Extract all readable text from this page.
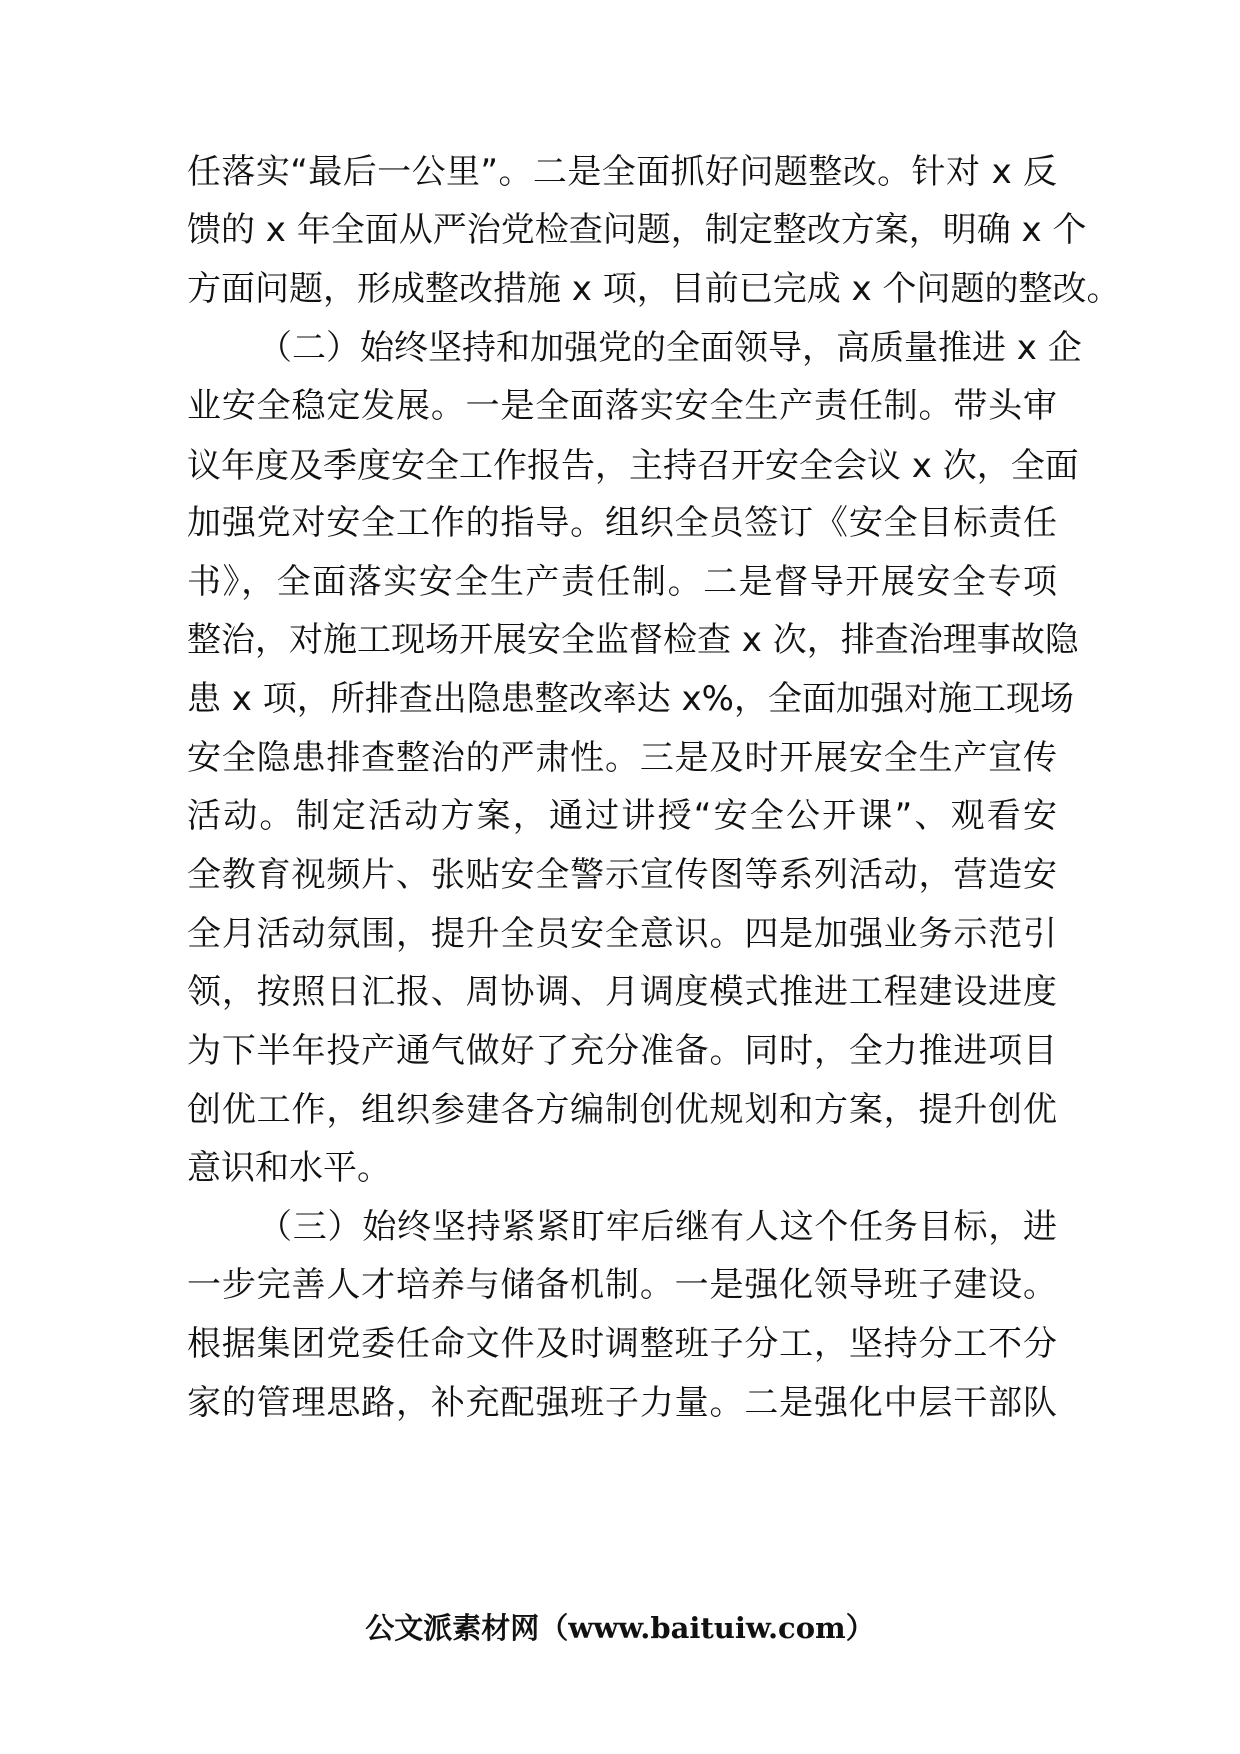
任落实“最后一公里”。二是全面抓好问题整改。针对 x 反
馈的 x 年全面从严治党检查问题，制定整改方案，明确 x 个
方面问题，形成整改措施 x 项，目前已完成 x 个问题的整改。
（二）始终坚持和加强党的全面领导，高质量推进 x 企
业安全稳定发展。一是全面落实安全生产责任制。带头审
议年度及季度安全工作报告，主持召开安全会议 x 次，全面
加强党对安全工作的指导。组织全员签订《安全目标责任
书》，全面落实安全生产责任制。二是督导开展安全专项
整治，对施工现场开展安全监督检查 x 次，排查治理事故隐
患 x 项，所排查出隐患整改率达 x%，全面加强对施工现场
安全隐患排查整治的严肃性。三是及时开展安全生产宣传
活动。制定活动方案，通过讲授“安全公开课”、观看安
全教育视频片、张贴安全警示宣传图等系列活动，营造安
全月活动氛围，提升全员安全意识。四是加强业务示范引
领，按照日汇报、周协调、月调度模式推进工程建设进度
为下半年投产通气做好了充分准备。同时，全力推进项目
创优工作，组织参建各方编制创优规划和方案，提升创优
意识和水平。
（三）始终坚持紧紧盯牢后继有人这个任务目标，进
一步完善人才培养与储备机制。一是强化领导班子建设。
根据集团党委任命文件及时调整班子分工，坚持分工不分
家的管理思路，补充配强班子力量。二是强化中层干部队
公文派素材网（www.baituiw.com）
